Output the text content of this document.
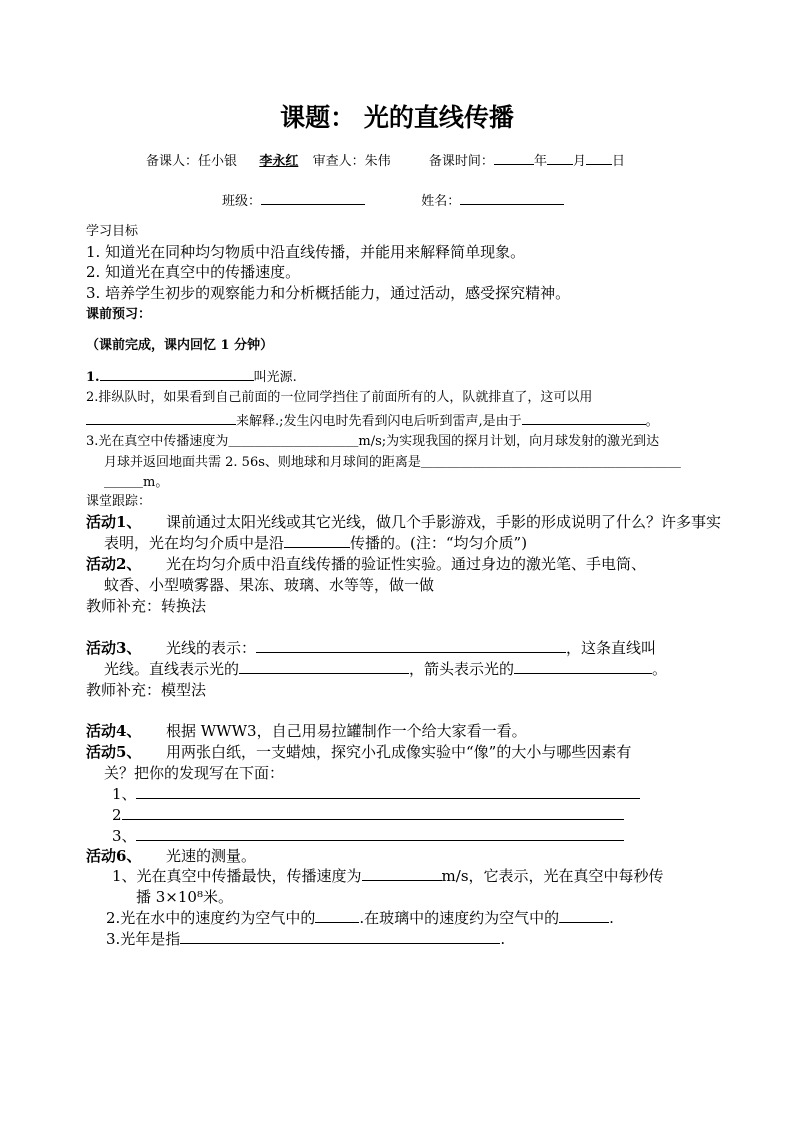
课题： 光的直线传播
备课人：任小银 李永红 审查人：朱伟	备课时间：	年 月 日
班级：	姓名：
学习目标
1. 知道光在同种均匀物质中沿直线传播，并能用来解释简单现象。
2. 知道光在真空中的传播速度。
3. 培养学生初步的观察能力和分析概括能力，通过活动，感受探究精神。
课前预习：
（课前完成，课内回忆 1 分钟）
1.	叫光源.
2.排纵队时，如果看到自己前面的一位同学挡住了前面所有的人，队就排直了，这可以用
来解释.;发生闪电时先看到闪电后听到雷声,是由于	。
3.光在真空中传播速度为＿＿＿＿＿＿＿＿＿＿m/s;为实现我国的探月计划，向月球发射的激光到达
月球并返回地面共需 2. 56s、则地球和月球间的距离是＿＿＿＿＿＿＿＿＿＿＿＿＿＿＿＿＿＿＿＿
＿＿＿m。
课堂跟踪：
活动1、 课前通过太阳光线或其它光线，做几个手影游戏，手影的形成说明了什么？许多事实
表明，光在均匀介质中是沿	传播的。(注：“均匀介质”)
活动2、 光在均匀介质中沿直线传播的验证性实验。通过身边的激光笔、手电筒、
蚊香、小型喷雾器、果冻、玻璃、水等等，做一做
教师补充：转换法
活动3、 光线的表示：	，这条直线叫
光线。直线表示光的	，箭头表示光的	。
教师补充：模型法
活动4、 根据 WWW3，自己用易拉罐制作一个给大家看一看。
活动5、 用两张白纸，一支蜡烛，探究小孔成像实验中“像”的大小与哪些因素有
关？把你的发现写在下面：
1、
2
3、
活动6、 光速的测量。
1、光在真空中传播最快，传播速度为	m/s，它表示，光在真空中每秒传
播 3×10⁸米。
2.光在水中的速度约为空气中的	.在玻璃中的速度约为空气中的	.
3.光年是指	.
